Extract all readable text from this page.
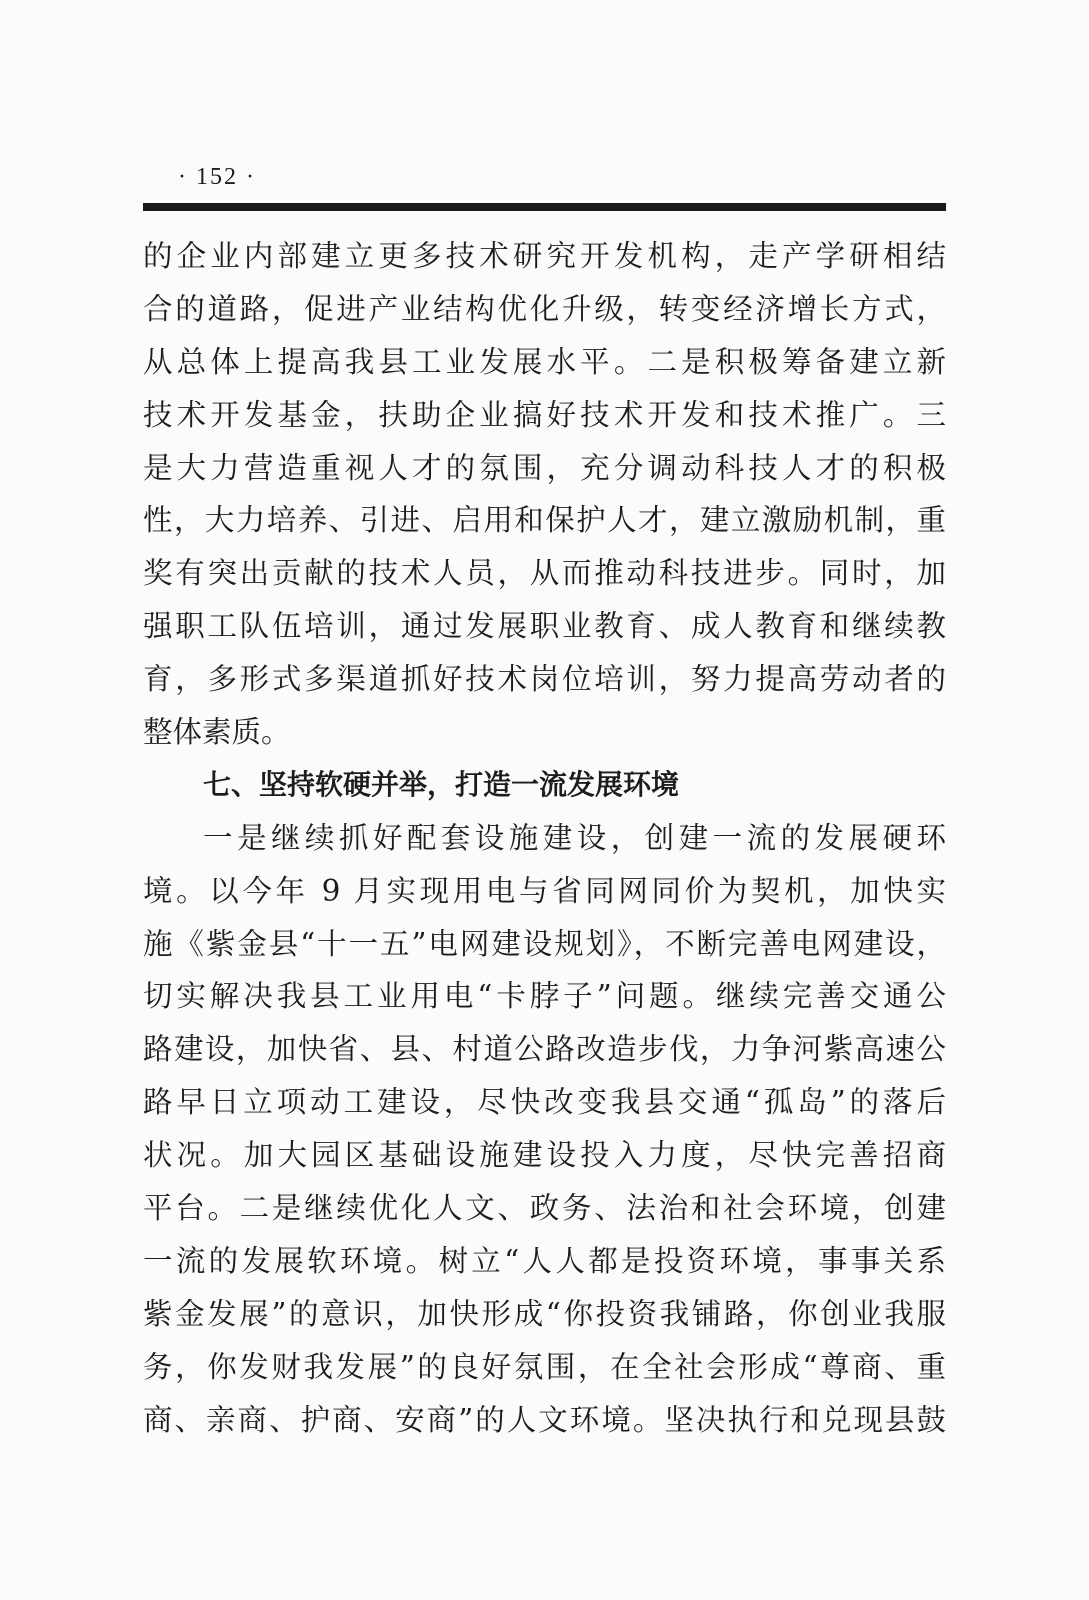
· 152 ·
的企业内部建立更多技术研究开发机构，走产学研相结
合的道路，促进产业结构优化升级，转变经济增长方式，
从总体上提高我县工业发展水平。二是积极筹备建立新
技术开发基金，扶助企业搞好技术开发和技术推广。三
是大力营造重视人才的氛围，充分调动科技人才的积极
性，大力培养、引进、启用和保护人才，建立激励机制，重
奖有突出贡献的技术人员，从而推动科技进步。同时，加
强职工队伍培训，通过发展职业教育、成人教育和继续教
育，多形式多渠道抓好技术岗位培训，努力提高劳动者的
整体素质。
七、坚持软硬并举，打造一流发展环境
一是继续抓好配套设施建设，创建一流的发展硬环
境。以今年 9 月实现用电与省同网同价为契机，加快实
施《紫金县“十一五”电网建设规划》，不断完善电网建设，
切实解决我县工业用电“卡脖子”问题。继续完善交通公
路建设，加快省、县、村道公路改造步伐，力争河紫高速公
路早日立项动工建设，尽快改变我县交通“孤岛”的落后
状况。加大园区基础设施建设投入力度，尽快完善招商
平台。二是继续优化人文、政务、法治和社会环境，创建
一流的发展软环境。树立“人人都是投资环境，事事关系
紫金发展”的意识，加快形成“你投资我铺路，你创业我服
务，你发财我发展”的良好氛围，在全社会形成“尊商、重
商、亲商、护商、安商”的人文环境。坚决执行和兑现县鼓
